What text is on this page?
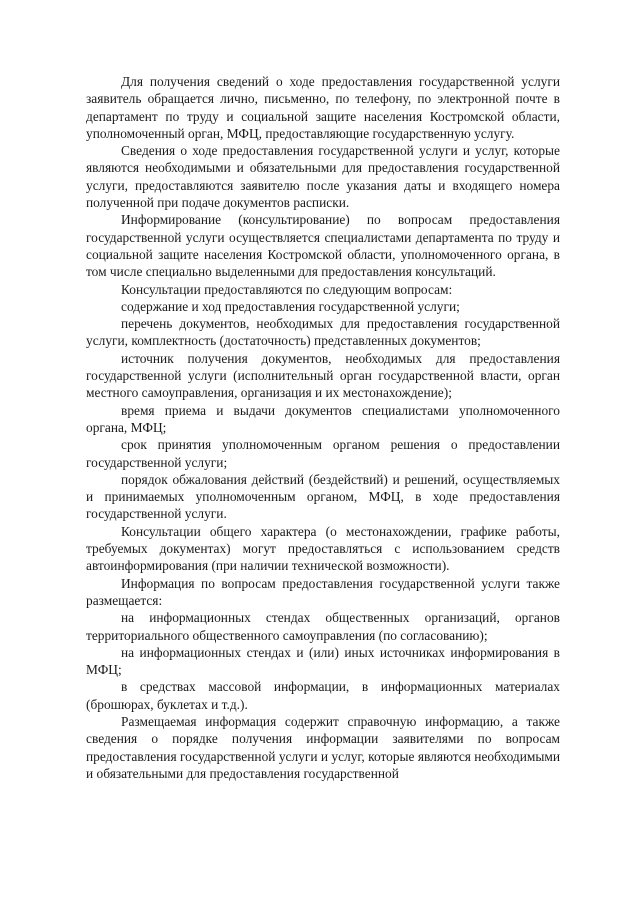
Для получения сведений о ходе предоставления государственной услуги заявитель обращается лично, письменно, по телефону, по электронной почте в департамент по труду и социальной защите населения Костромской области, уполномоченный орган, МФЦ, предоставляющие государственную услугу.

Сведения о ходе предоставления государственной услуги и услуг, которые являются необходимыми и обязательными для предоставления государственной услуги, предоставляются заявителю после указания даты и входящего номера полученной при подаче документов расписки.

Информирование (консультирование) по вопросам предоставления государственной услуги осуществляется специалистами департамента по труду и социальной защите населения Костромской области, уполномоченного органа, в том числе специально выделенными для предоставления консультаций.

Консультации предоставляются по следующим вопросам:

содержание и ход предоставления государственной услуги;

перечень документов, необходимых для предоставления государственной услуги, комплектность (достаточность) представленных документов;

источник получения документов, необходимых для предоставления государственной услуги (исполнительный орган государственной власти, орган местного самоуправления, организация и их местонахождение);

время приема и выдачи документов специалистами уполномоченного органа, МФЦ;

срок принятия уполномоченным органом решения о предоставлении государственной услуги;

порядок обжалования действий (бездействий) и решений, осуществляемых и принимаемых уполномоченным органом, МФЦ, в ходе предоставления государственной услуги.

Консультации общего характера (о местонахождении, графике работы, требуемых документах) могут предоставляться с использованием средств автоинформирования (при наличии технической возможности).

Информация по вопросам предоставления государственной услуги также размещается:

на информационных стендах общественных организаций, органов территориального общественного самоуправления (по согласованию);

на информационных стендах и (или) иных источниках информирования в МФЦ;

в средствах массовой информации, в информационных материалах (брошюрах, буклетах и т.д.).

Размещаемая информация содержит справочную информацию, а также сведения о порядке получения информации заявителями по вопросам предоставления государственной услуги и услуг, которые являются необходимыми и обязательными для предоставления государственной
